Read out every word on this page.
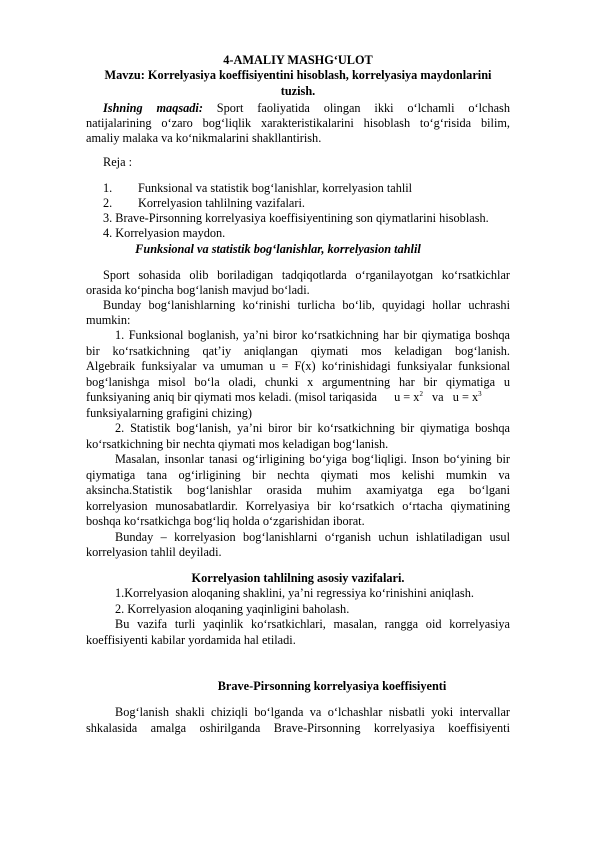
4-AMALIY MASHG‘ULOT
Mavzu: Korrelyasiya koeffisiyentini hisoblash, korrelyasiya maydonlarini
tuzish.
Ishning maqsadi: Sport faoliyatida olingan ikki o‘lchamli o‘lchash
natijalarining o‘zaro bog‘liqlik xarakteristikalarini hisoblash to‘g‘risida bilim,
amaliy malaka va ko‘nikmalarini shakllantirish.
Reja :
1. Funksional va statistik bog‘lanishlar, korrelyasion tahlil
2. Korrelyasion tahlilning vazifalari.
3. Brave-Pirsonning korrelyasiya koeffisiyentining son qiymatlarini hisoblash.
4. Korrelyasion maydon.
Funksional va statistik bog‘lanishlar, korrelyasion tahlil
Sport sohasida olib boriladigan tadqiqotlarda o‘rganilayotgan ko‘rsatkichlar
orasida ko‘pincha bog‘lanish mavjud bo‘ladi.
Bunday bog‘lanishlarning ko‘rinishi turlicha bo‘lib, quyidagi hollar uchrashi
mumkin:
1. Funksional boglanish, ya’ni biror ko‘rsatkichning har bir qiymatiga boshqa
bir ko‘rsatkichning qat’iy aniqlangan qiymati mos keladigan bog‘lanish.
Algebraik funksiyalar va umuman u = F(x) ko‘rinishidagi funksiyalar funksional
bog‘lanishga misol bo‘la oladi, chunki x argumentning har bir qiymatiga u
funksiyaning aniq bir qiymati mos keladi. (misol tariqasida $u = x^2$ va $u = x^3$
funksiyalarning grafigini chizing)
2. Statistik bog‘lanish, ya’ni biror bir ko‘rsatkichning bir qiymatiga boshqa
ko‘rsatkichning bir nechta qiymati mos keladigan bog‘lanish.
Masalan, insonlar tanasi og‘irligining bo‘yiga bog‘liqligi. Inson bo‘yining bir
qiymatiga tana og‘irligining bir nechta qiymati mos kelishi mumkin va
aksincha.Statistik bog‘lanishlar orasida muhim axamiyatga ega bo‘lgani
korrelyasion munosabatlardir. Korrelyasiya bir ko‘rsatkich o‘rtacha qiymatining
boshqa ko‘rsatkichga bog‘liq holda o‘zgarishidan iborat.
Bunday – korrelyasion bog‘lanishlarni o‘rganish uchun ishlatiladigan usul
korrelyasion tahlil deyiladi.
Korrelyasion tahlilning asosiy vazifalari.
1.Korrelyasion aloqaning shaklini, ya’ni regressiya ko‘rinishini aniqlash.
2. Korrelyasion aloqaning yaqinligini baholash.
Bu vazifa turli yaqinlik ko‘rsatkichlari, masalan, rangga oid korrelyasiya
koeffisiyenti kabilar yordamida hal etiladi.
Brave-Pirsonning korrelyasiya koeffisiyenti
Bog‘lanish shakli chiziqli bo‘lganda va o‘lchashlar nisbatli yoki intervallar
shkalasida amalga oshirilganda Brave-Pirsonning korrelyasiya koeffisiyenti
